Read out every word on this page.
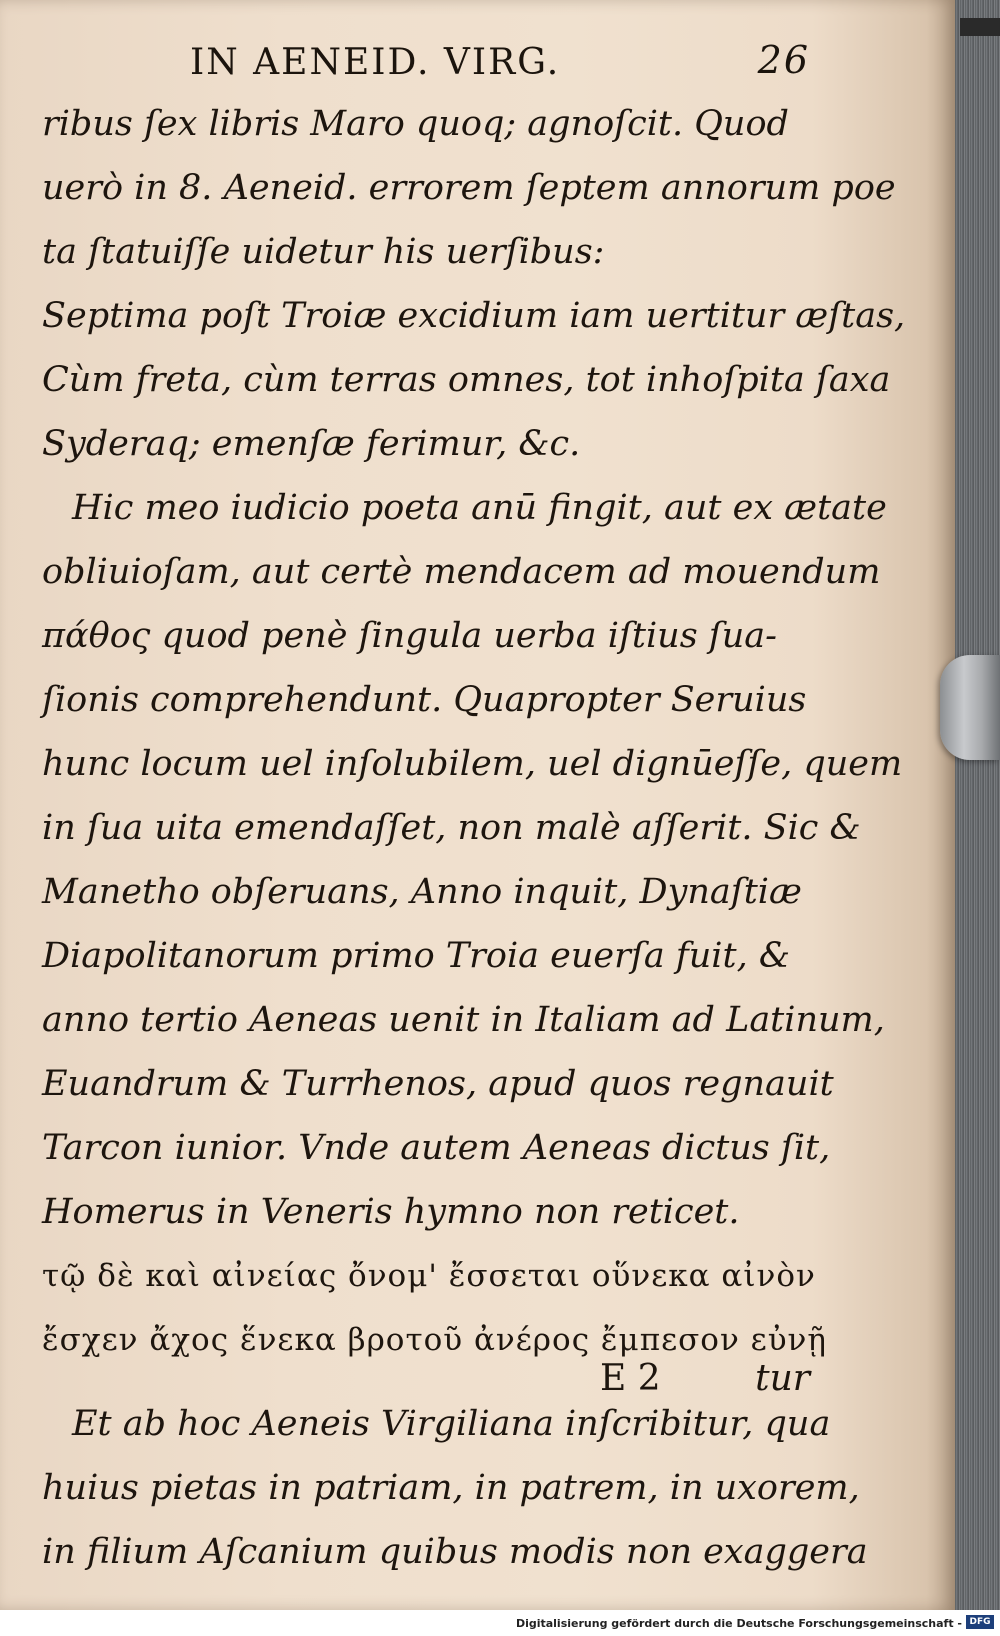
IN AENEID. VIRG.	26
ribus ſex libris Maro quoq; agnoſcit. Quod
uerò in 8. Aeneid. errorem ſeptem annorum poe
ta ſtatuiſſe uidetur his uerſibus:
Septima poſt Troiæ excidium iam uertitur æſtas,
Cùm freta, cùm terras omnes, tot inhoſpita ſaxa
Syderaq; emenſæ ferimur, &c.
Hic meo iudicio poeta anū fingit, aut ex ætate
obliuioſam, aut certè mendacem ad mouendum
πάθος quod penè ſingula uerba iſtius ſua-
ſionis comprehendunt. Quapropter Seruius
hunc locum uel inſolubilem, uel dignūeſſe, quem
in ſua uita emendaſſet, non malè aſſerit. Sic &
Manetho obſeruans, Anno inquit, Dynaſtiæ
Diapolitanorum primo Troia euerſa fuit, &
anno tertio Aeneas uenit in Italiam ad Latinum,
Euandrum & Turrhenos, apud quos regnauit
Tarcon iunior. Vnde autem Aeneas dictus ſit,
Homerus in Veneris hymno non reticet.
τῷ δὲ καὶ αἰνείας ὄνομ' ἔσσεται οὕνεκα αἰνὸν
ἔσχεν ἄχος ἕνεκα βροτοῦ ἀνέρος ἔμπεσον εὐνῇ
Et ab hoc Aeneis Virgiliana inſcribitur, qua
huius pietas in patriam, in patrem, in uxorem,
in filium Aſcanium quibus modis non exaggera
E 2	tur
Digitalisierung gefördert durch die Deutsche Forschungsgemeinschaft - DFG
